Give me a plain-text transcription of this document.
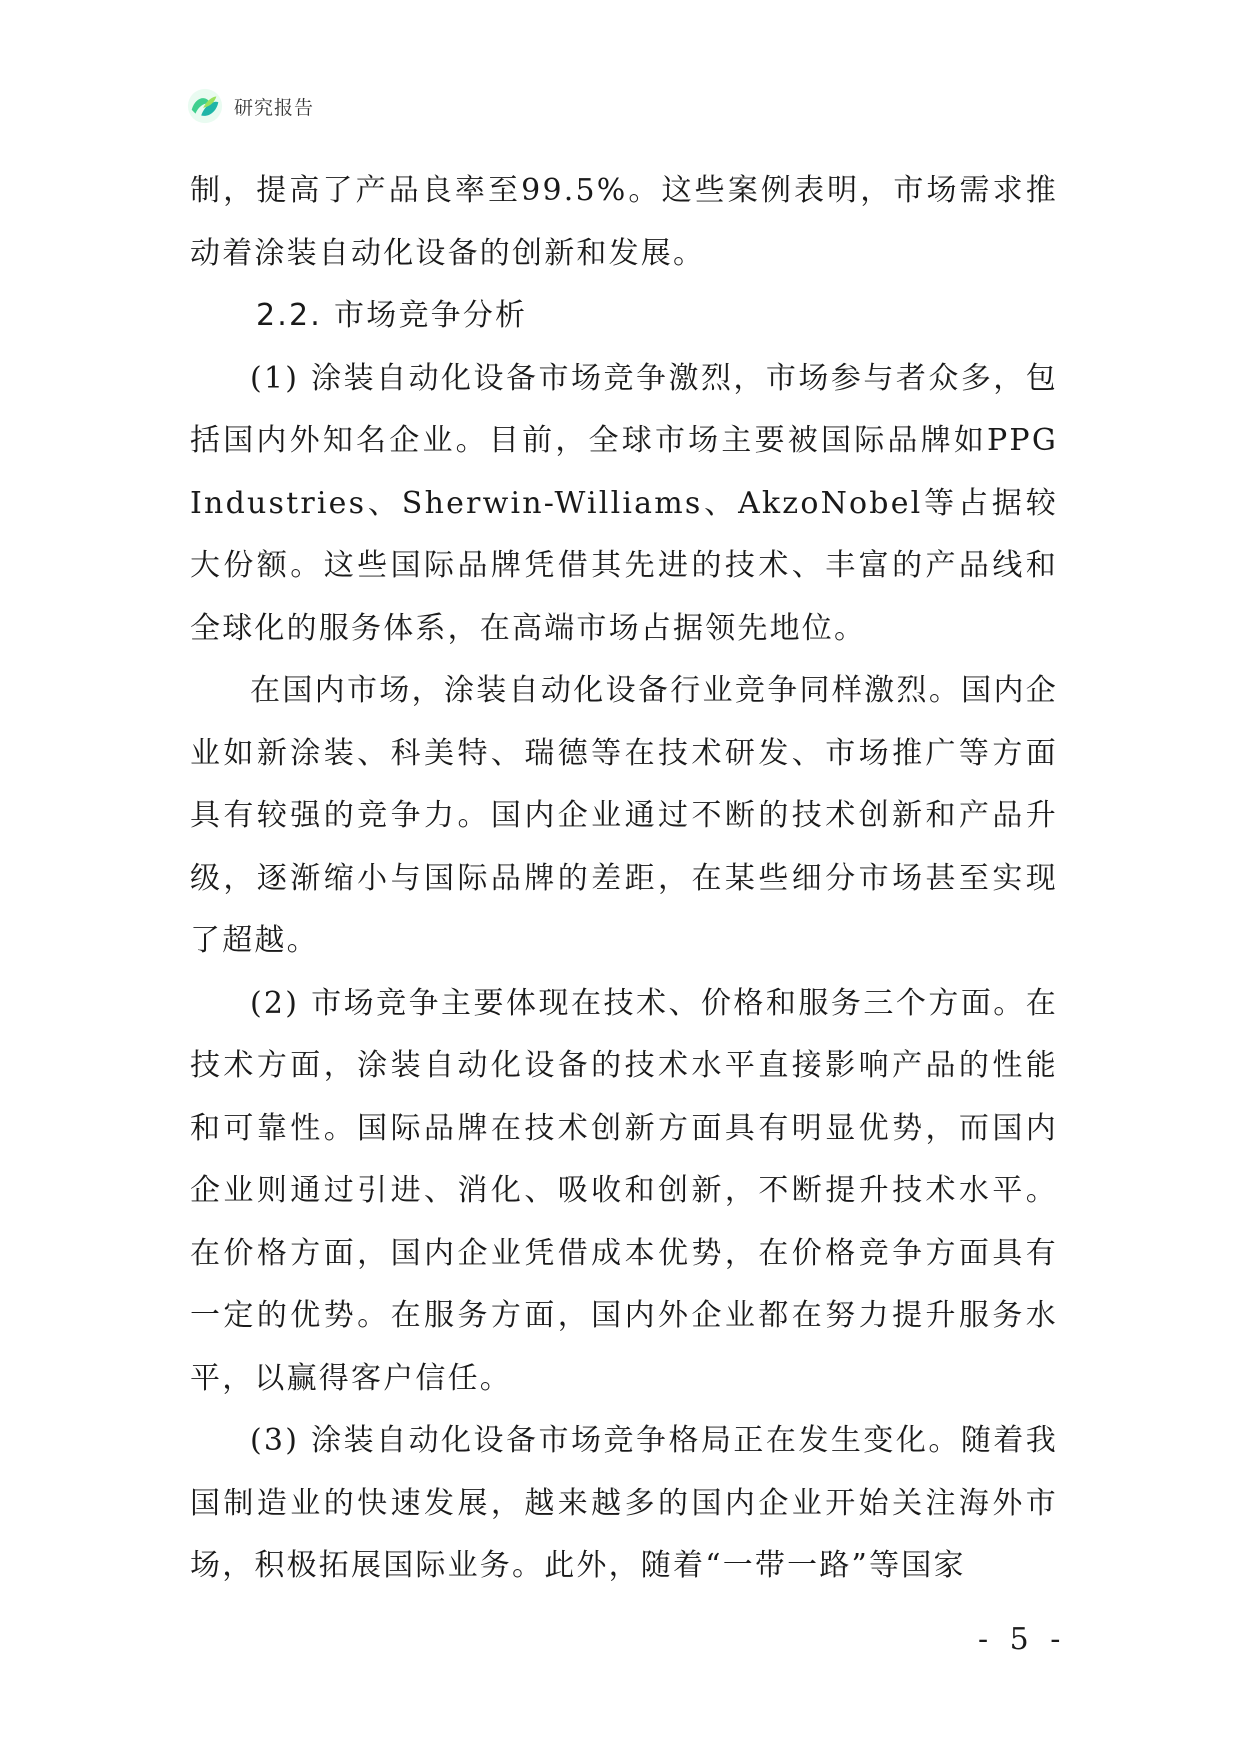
研究报告

制，提高了产品良率至99.5%。这些案例表明，市场需求推动着涂装自动化设备的创新和发展。

2.2. 市场竞争分析

(1) 涂装自动化设备市场竞争激烈，市场参与者众多，包括国内外知名企业。目前，全球市场主要被国际品牌如PPG Industries、Sherwin-Williams、AkzoNobel等占据较大份额。这些国际品牌凭借其先进的技术、丰富的产品线和全球化的服务体系，在高端市场占据领先地位。

在国内市场，涂装自动化设备行业竞争同样激烈。国内企业如新涂装、科美特、瑞德等在技术研发、市场推广等方面具有较强的竞争力。国内企业通过不断的技术创新和产品升级，逐渐缩小与国际品牌的差距，在某些细分市场甚至实现了超越。

(2) 市场竞争主要体现在技术、价格和服务三个方面。在技术方面，涂装自动化设备的技术水平直接影响产品的性能和可靠性。国际品牌在技术创新方面具有明显优势，而国内企业则通过引进、消化、吸收和创新，不断提升技术水平。在价格方面，国内企业凭借成本优势，在价格竞争方面具有一定的优势。在服务方面，国内外企业都在努力提升服务水平，以赢得客户信任。

(3) 涂装自动化设备市场竞争格局正在发生变化。随着我国制造业的快速发展，越来越多的国内企业开始关注海外市场，积极拓展国际业务。此外，随着“一带一路”等国家

- 5 -
